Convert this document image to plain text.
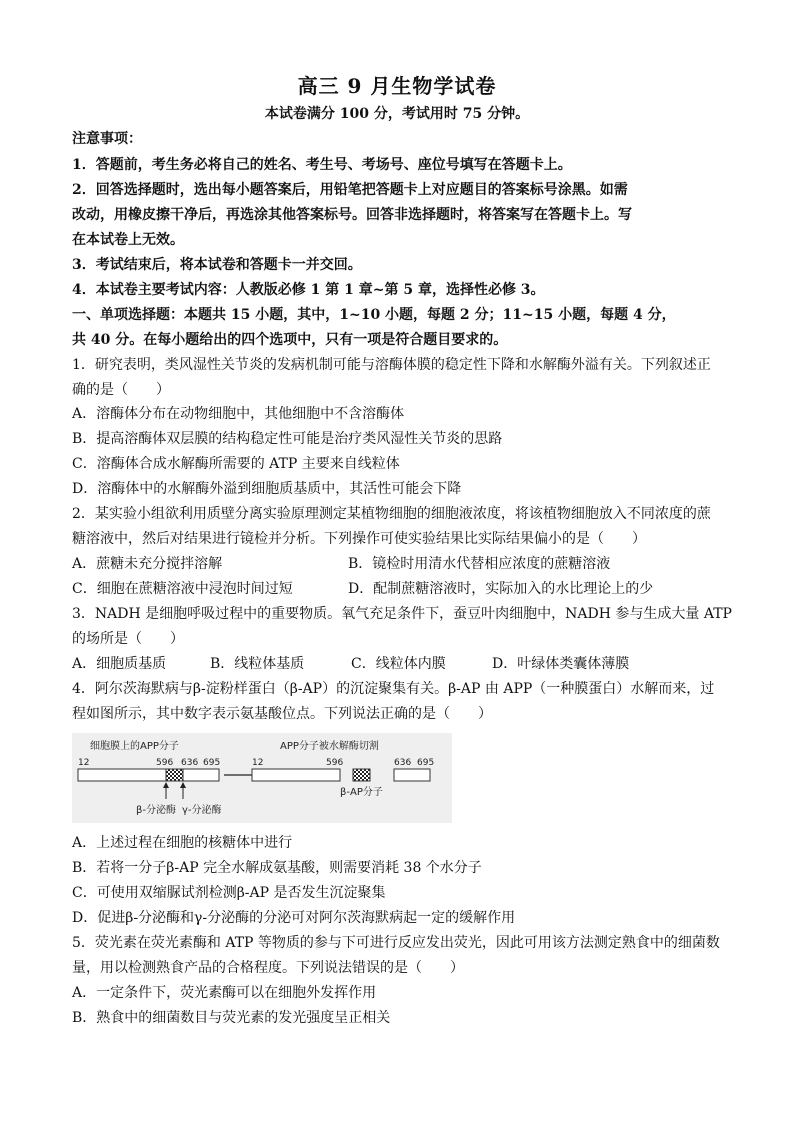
高三 9 月生物学试卷
本试卷满分 100 分，考试用时 75 分钟。
注意事项：
1．答题前，考生务必将自己的姓名、考生号、考场号、座位号填写在答题卡上。
2．回答选择题时，选出每小题答案后，用铅笔把答题卡上对应题目的答案标号涂黑。如需
改动，用橡皮擦干净后，再选涂其他答案标号。回答非选择题时，将答案写在答题卡上。写
在本试卷上无效。
3．考试结束后，将本试卷和答题卡一并交回。
4．本试卷主要考试内容：人教版必修 1 第 1 章~第 5 章，选择性必修 3。
一、单项选择题：本题共 15 小题，其中，1~10 小题，每题 2 分；11~15 小题，每题 4 分，
共 40 分。在每小题给出的四个选项中，只有一项是符合题目要求的。
1．研究表明，类风湿性关节炎的发病机制可能与溶酶体膜的稳定性下降和水解酶外溢有关。下列叙述正
确的是（　　）
A．溶酶体分布在动物细胞中，其他细胞中不含溶酶体
B．提高溶酶体双层膜的结构稳定性可能是治疗类风湿性关节炎的思路
C．溶酶体合成水解酶所需要的 ATP 主要来自线粒体
D．溶酶体中的水解酶外溢到细胞质基质中，其活性可能会下降
2．某实验小组欲利用质壁分离实验原理测定某植物细胞的细胞液浓度，将该植物细胞放入不同浓度的蔗
糖溶液中，然后对结果进行镜检并分析。下列操作可使实验结果比实际结果偏小的是（　　）
A．蔗糖未充分搅拌溶解	B．镜检时用清水代替相应浓度的蔗糖溶液
C．细胞在蔗糖溶液中浸泡时间过短	D．配制蔗糖溶液时，实际加入的水比理论上的少
3．NADH 是细胞呼吸过程中的重要物质。氧气充足条件下，蚕豆叶肉细胞中，NADH 参与生成大量 ATP
的场所是（　　）
A．细胞质基质	B．线粒体基质	C．线粒体内膜	D．叶绿体类囊体薄膜
4．阿尔茨海默病与β-淀粉样蛋白（β-AP）的沉淀聚集有关。β-AP 由 APP（一种膜蛋白）水解而来，过
程如图所示，其中数字表示氨基酸位点。下列说法正确的是（　　）
细胞膜上的APP分子	APP分子被水解酶切割
12	596 636 695
β-分泌酶 γ-分泌酶
12	596	636 695
β-AP分子
A．上述过程在细胞的核糖体中进行
B．若将一分子β-AP 完全水解成氨基酸，则需要消耗 38 个水分子
C．可使用双缩脲试剂检测β-AP 是否发生沉淀聚集
D．促进β-分泌酶和γ-分泌酶的分泌可对阿尔茨海默病起一定的缓解作用
5．荧光素在荧光素酶和 ATP 等物质的参与下可进行反应发出荧光，因此可用该方法测定熟食中的细菌数
量，用以检测熟食产品的合格程度。下列说法错误的是（　　）
A．一定条件下，荧光素酶可以在细胞外发挥作用
B．熟食中的细菌数目与荧光素的发光强度呈正相关
